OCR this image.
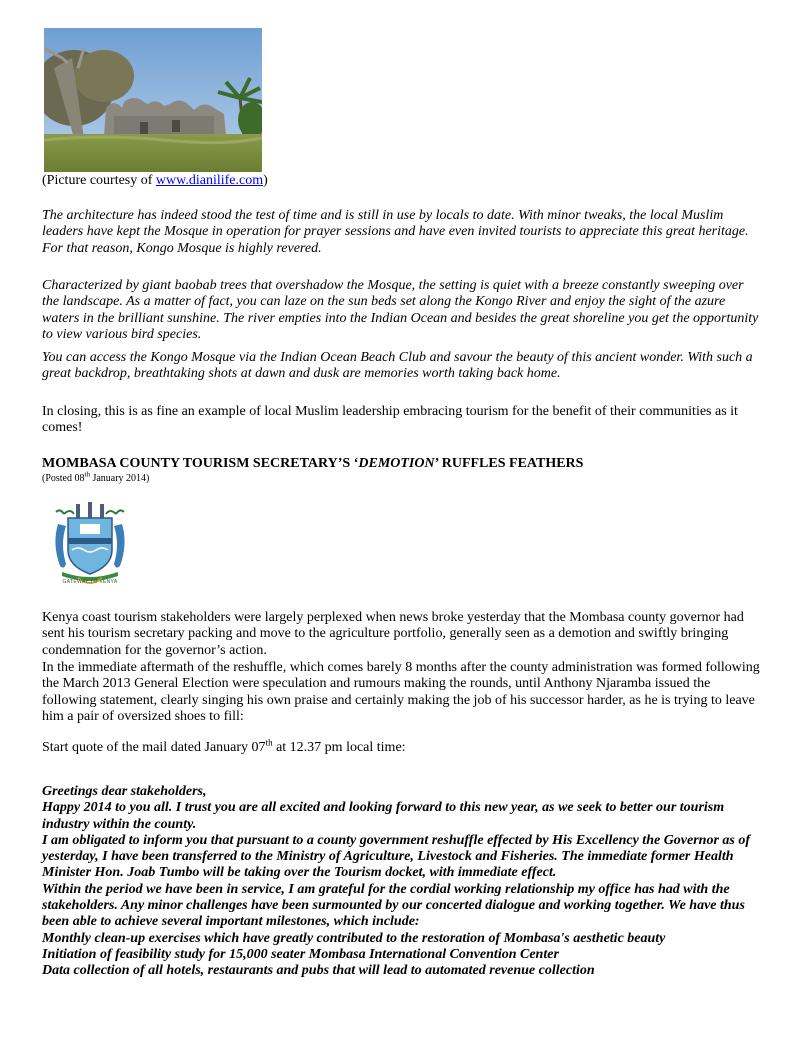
(Picture courtesy of www.dianilife.com)

The architecture has indeed stood the test of time and is still in use by locals to date. With minor tweaks, the local Muslim leaders have kept the Mosque in operation for prayer sessions and have even invited tourists to appreciate this great heritage. For that reason, Kongo Mosque is highly revered.

Characterized by giant baobab trees that overshadow the Mosque, the setting is quiet with a breeze constantly sweeping over the landscape. As a matter of fact, you can laze on the sun beds set along the Kongo River and enjoy the sight of the azure waters in the brilliant sunshine. The river empties into the Indian Ocean and besides the great shoreline you get the opportunity to view various bird species.

You can access the Kongo Mosque via the Indian Ocean Beach Club and savour the beauty of this ancient wonder. With such a great backdrop, breathtaking shots at dawn and dusk are memories worth taking back home.

In closing, this is as fine an example of local Muslim leadership embracing tourism for the benefit of their communities as it comes!

MOMBASA COUNTY TOURISM SECRETARY’S ‘DEMOTION’ RUFFLES FEATHERS
(Posted 08th January 2014)
GATEWAY TO KENYA

Kenya coast tourism stakeholders were largely perplexed when news broke yesterday that the Mombasa county governor had sent his tourism secretary packing and move to the agriculture portfolio, generally seen as a demotion and swiftly bringing condemnation for the governor’s action.

In the immediate aftermath of the reshuffle, which comes barely 8 months after the county administration was formed following the March 2013 General Election were speculation and rumours making the rounds, until Anthony Njaramba issued the following statement, clearly singing his own praise and certainly making the job of his successor harder, as he is trying to leave him a pair of oversized shoes to fill:

Start quote of the mail dated January 07th at 12.37 pm local time:
Greetings dear stakeholders,
Happy 2014 to you all. I trust you are all excited and looking forward to this new year, as we seek to better our tourism industry within the county.
I am obligated to inform you that pursuant to a county government reshuffle effected by His Excellency the Governor as of yesterday, I have been transferred to the Ministry of Agriculture, Livestock and Fisheries. The immediate former Health Minister Hon. Joab Tumbo will be taking over the Tourism docket, with immediate effect.
Within the period we have been in service, I am grateful for the cordial working relationship my office has had with the stakeholders. Any minor challenges have been surmounted by our concerted dialogue and working together. We have thus been able to achieve several important milestones, which include:
Monthly clean-up exercises which have greatly contributed to the restoration of Mombasa's aesthetic beauty
Initiation of feasibility study for 15,000 seater Mombasa International Convention Center
Data collection of all hotels, restaurants and pubs that will lead to automated revenue collection
